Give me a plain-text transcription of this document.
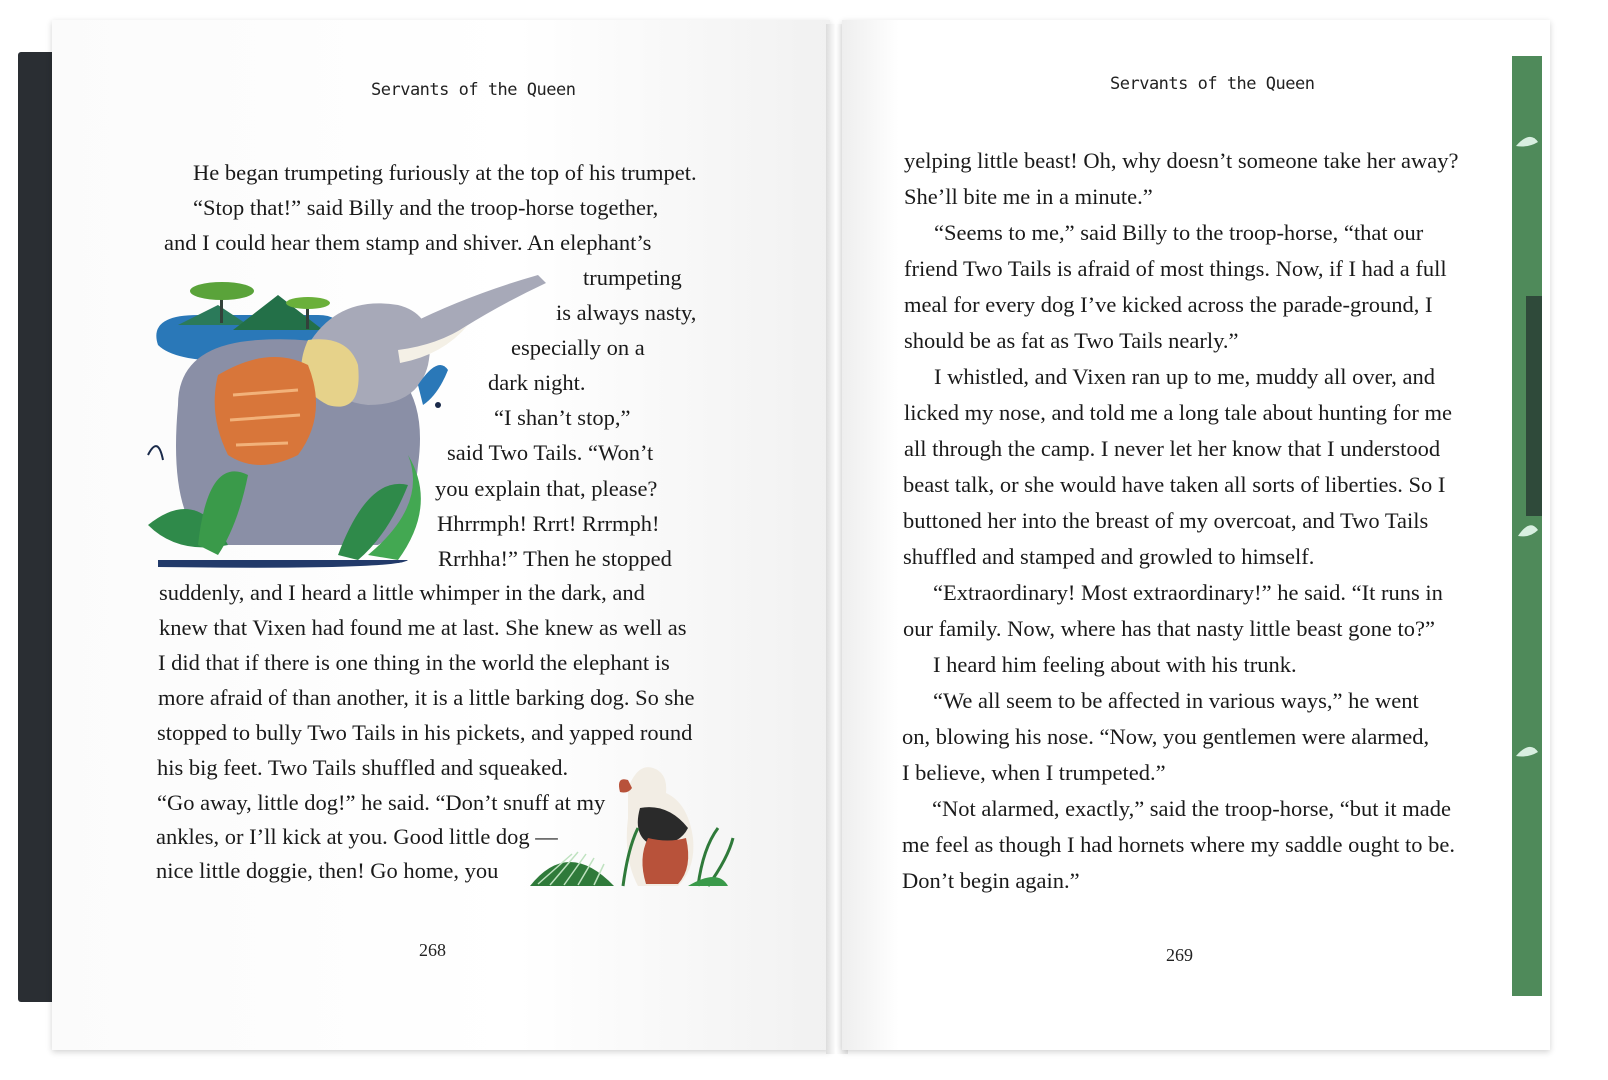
Servants of the Queen
He began trumpeting furiously at the top of his trumpet.
“Stop that!” said Billy and the troop-horse together,
and I could hear them stamp and shiver. An elephant’s
trumpeting
is always nasty,
especially on a
dark night.
“I shan’t stop,”
said Two Tails. “Won’t
you explain that, please?
Hhrrmph! Rrrt! Rrrmph!
Rrrhha!” Then he stopped
suddenly, and I heard a little whimper in the dark, and
knew that Vixen had found me at last. She knew as well as
I did that if there is one thing in the world the elephant is
more afraid of than another, it is a little barking dog. So she
stopped to bully Two Tails in his pickets, and yapped round
his big feet. Two Tails shuffled and squeaked.
“Go away, little dog!” he said. “Don’t snuff at my
ankles, or I’ll kick at you. Good little dog —
nice little doggie, then! Go home, you
268
Servants of the Queen
yelping little beast! Oh, why doesn’t someone take her away?
She’ll bite me in a minute.”
“Seems to me,” said Billy to the troop-horse, “that our
friend Two Tails is afraid of most things. Now, if I had a full
meal for every dog I’ve kicked across the parade-ground, I
should be as fat as Two Tails nearly.”
I whistled, and Vixen ran up to me, muddy all over, and
licked my nose, and told me a long tale about hunting for me
all through the camp. I never let her know that I understood
beast talk, or she would have taken all sorts of liberties. So I
buttoned her into the breast of my overcoat, and Two Tails
shuffled and stamped and growled to himself.
“Extraordinary! Most extraordinary!” he said. “It runs in
our family. Now, where has that nasty little beast gone to?”
I heard him feeling about with his trunk.
“We all seem to be affected in various ways,” he went
on, blowing his nose. “Now, you gentlemen were alarmed,
I believe, when I trumpeted.”
“Not alarmed, exactly,” said the troop-horse, “but it made
me feel as though I had hornets where my saddle ought to be.
Don’t begin again.”
269
